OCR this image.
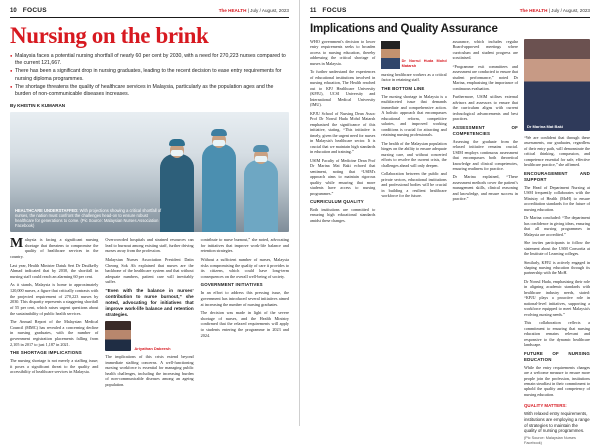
10 FOCUS	The HEALTH | July / August, 2023
Nursing on the brink
● Malaysia faces a potential nursing shortfall of nearly 60 per cent by 2030, with a need for 270,223 nurses compared to the current 121,667.
● There has been a significant drop in nursing graduates, leading to the recent decision to ease entry requirements for nursing diploma programmes.
● The shortage threatens the quality of healthcare services in Malaysia, particularly as the population ages and the burden of non-communicable diseases increases.
By KHISTIN K KUMARAN
HEALTHCARE UNDERSTAFFED: With projections showing a critical shortfall of nurses, the nation must confront the challenges head-on to ensure robust healthcare for generations to come. (Pic Source: Malaysian Nurses Association Facebook)

Malaysia is facing a significant nursing shortage that threatens to compromise the quality of healthcare services in the country.

Last year, Health Minister Datuk Seri Dr Dzulkefly Ahmad indicated that by 2030, the shortfall in nursing staff could reach an alarming 60 per cent.

As it stands, Malaysia is home to approximately 120,000 nurses, a figure that critically contrasts with the projected requirement of 270,223 nurses by 2030. This disparity represents a staggering shortfall of 55 per cent, which raises urgent questions about the sustainability of public health services.

The Annual Report of the Malaysian Medical Council (MMC) has revealed a concerning decline in nursing graduates, with the number of government registration placements falling from 2,105 in 2017 to just 1,187 in 2021.

THE SHORTAGE IMPLICATIONS

The nursing shortage is not merely a staffing issue; it poses a significant threat to the quality and accessibility of healthcare services in Malaysia.

Overcrowded hospitals and strained resources can lead to burnout among existing staff, further driving nurses away from the profession.

Malaysian Nurses Association President Datin Cheong Sok Ah explained that nurses are the backbone of the healthcare system and that without adequate numbers, patient care will inevitably suffer.

“Even with the balance in nurses’ contribution to nurse burnout,” she noted, advocating for initiatives that improve work-life balance and retention strategies.
Ariyathan Dabeesh

The implications of this crisis extend beyond immediate staffing concerns. A well-functioning nursing workforce is essential for managing public health challenges, including the increasing burden of non-communicable diseases among an ageing population.

contribute to nurse burnout,” she noted, advocating for initiatives that improve work-life balance and retention strategies.

Without a sufficient number of nurses, Malaysia risks compromising the quality of care it provides to its citizens, which could have long-term consequences on the overall well-being of society.

GOVERNMENT INITIATIVES

In an effort to address this pressing issue, the government has introduced several initiatives aimed at increasing the number of nursing graduates.

The decision was made in light of the severe shortage of nurses, and the Health Ministry confirmed that the relaxed requirements will apply to students entering the programme in 2023 and 2024.

11 FOCUS	The HEALTH | July / August, 2023
Implications and Quality Assurance

WHO government's decision to lower entry requirements seeks to broaden access to nursing education, thereby addressing the critical shortage of nurses in Malaysia.

To further understand the experiences of educational institutions involved in nursing education, The Health reached out to KPJ Healthcare University (KPJU), UCSI University and International Medical University (IMU).

KPJU School of Nursing Dean Assoc Prof Dr Norrul Huda Mohd Matarsh emphasised the significance of this initiative, stating, “This initiative is timely, given the urgent need for nurses in Malaysia's healthcare sector. It is crucial that we maintain high standards in education and training.”

USIM Faculty of Medicine Dean Prof Dr Marina Mat Baki echoed that sentiment, noting that “USIM's approach aims to maintain rigorous quality while ensuring that more students have access to nursing programmes.”

CURRICULUM QUALITY

Both institutions are committed to ensuring high educational standards amidst these changes.

Dr Norrul Huda Mohd Matarsh

nursing healthcare workers as a critical factor in retaining staff.

THE BOTTOM LINE

The nursing shortage in Malaysia is a multifaceted issue that demands immediate and comprehensive action. A holistic approach that encompasses educational reform, competitive salaries, and improved working conditions is crucial for attracting and retaining nursing professionals.

The health of the Malaysian population hinges on the ability to ensure adequate nursing care, and without concerted efforts to resolve the current crisis, the challenges ahead will only deepen.

Collaboration between the public and private sectors, educational institutions and professional bodies will be crucial in building a resilient healthcare workforce for the future.

assurance, which includes regular Board-approved meetings where curriculum and student progress are scrutinised.

“Programme exit committees and assessment are conducted to ensure that student performance,” noted Dr Marina, emphasising the importance of continuous evaluation.

Furthermore, USIM utilises external advisors and assessors to ensure that the curriculum aligns with current technological advancements and best practices.

ASSESSMENT OF COMPETENCIES

Assessing the graduate from the relaxed initiative remains crucial. USIM employs continuous assessment that encompasses both theoretical knowledge and clinical competencies, ensuring readiness for practice.

Dr Marina explained, “These assessment methods cover the patient’s management skills, clinical reasoning and knowledge, and ensure success in practice.”

Dr Marina Mat Baki

“We are confident that through these assessments, our graduates, regardless of their entry path, will demonstrate the critical thinking, compassion, and competence essential for safe, effective healthcare practice,” she affirmed.

ENCOURAGEMENT AND SUPPORT

The Head of Department Nursing at USM frequently collaborates with the Ministry of Health (MoH) to ensure accreditation standards for the future of nursing education.

Dr Marina concluded: “The department has confidence in giving ideas, ensuring that all nursing programmes in Malaysia are accredited.”

She invites participants to follow the statement about the USM Consortia at the Institute of Learning colleges.

Similarly, KPJU is actively engaged in shaping nursing education through its partnership with the MoH.

Dr Norrul Huda, emphasising their role in aligning academic standards with healthcare industry needs, stated: “KPJU plays a proactive role in national-level initiatives, supporting a workforce equipped to meet Malaysia's evolving nursing needs.”

This collaboration reflects a commitment to ensuring that nursing education remains relevant and responsive to the dynamic healthcare landscape.

FUTURE OF NURSING EDUCATION

While the entry requirements changes are a welcome measure to ensure more people join the profession, institutions remain steadfast in their commitment to uphold the quality and competency of nursing education.

QUALITY MATTERS:
With relaxed entry requirements, institutions are employing a range of strategies to maintain the quality of nursing programmes.
(Pic Source: Malaysian Nurses Facebook)
